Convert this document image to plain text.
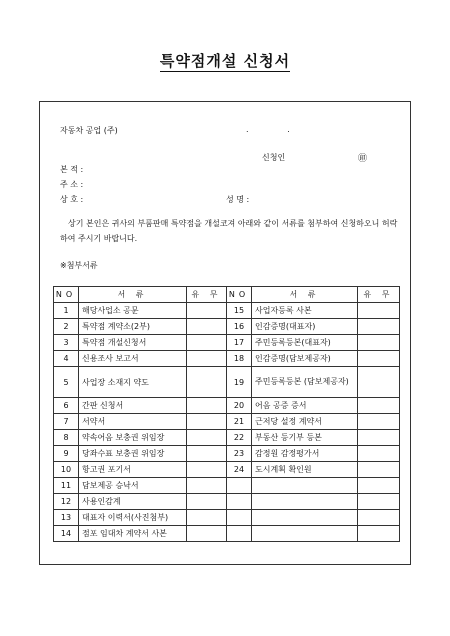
특약점개설 신청서
자동차 공업 (주)	. .
신청인	㊞
본 적 :
주 소 :
상 호 :	성 명 :
상기 본인은 귀사의 부품판매 특약점을 개설코져 아래와 같이 서류를 첨부하여 신청하오니 허락하여 주시기 바랍니다.
※첨부서류
NO	서 류	유 무	NO	서 류	유 무
1	해당사업소 공문		15	사업자등록 사본	
2	특약점 계약소(2부)		16	인감증명(대표자)	
3	특약점 개설신청서		17	주민등록등본(대표자)	
4	신용조사 보고서		18	인감증명(담보제공자)	
5	사업장 소재지 약도		19	주민등록등본 (담보제공자)	
6	간판 신청서		20	어음 공증 증서	
7	서약서		21	근저당 설정 계약서	
8	약속어음 보충권 위임장		22	부동산 등기부 등본	
9	당좌수표 보충권 위임장		23	감정원 감정평가서	
10	항고권 포기서		24	도시계획 확인원	
11	담보제공 승낙서				
12	사용인감계				
13	대표자 이력서(사진첨부)				
14	점포 임대차 계약서 사본				
